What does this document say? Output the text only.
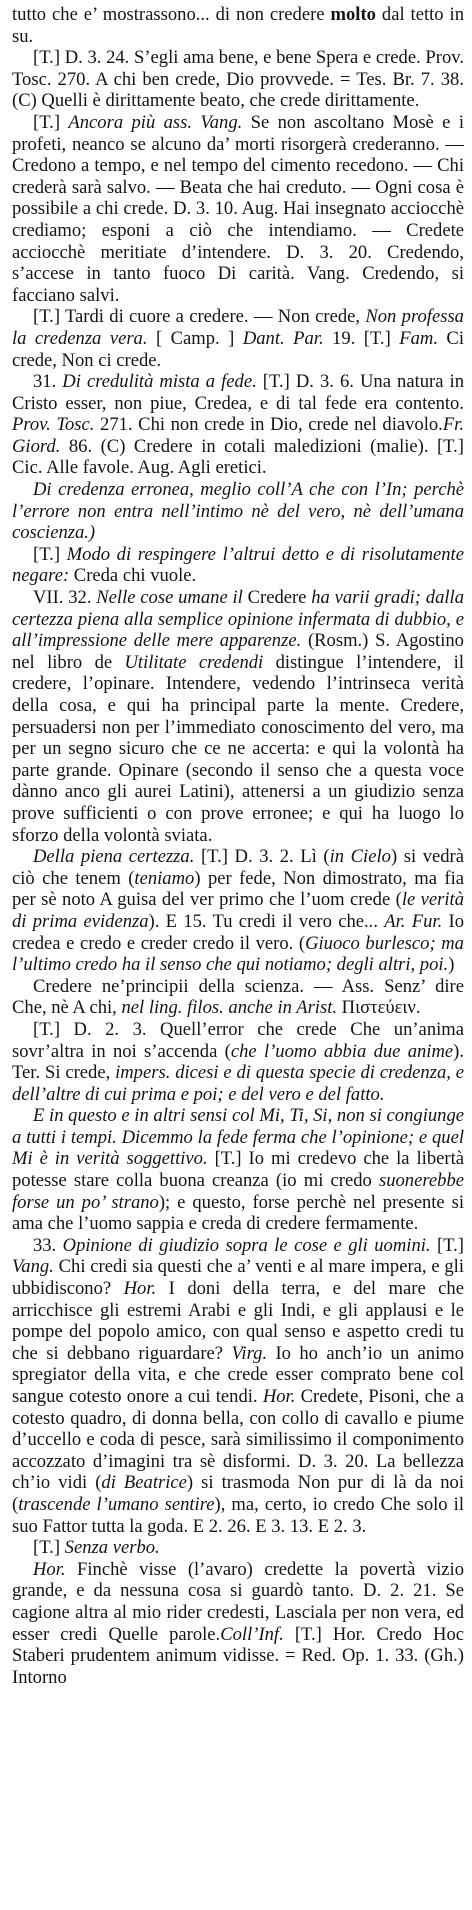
tutto che e’ mostrassono... di non credere molto dal tetto in su.

[T.] D. 3. 24. S’egli ama bene, e bene Spera e crede. Prov. Tosc. 270. A chi ben crede, Dio provvede. = Tes. Br. 7. 38. (C) Quelli è dirittamente beato, che crede dirittamente.

[T.] Ancora più ass. Vang. Se non ascoltano Mosè e i profeti, neanco se alcuno da’ morti risorgerà crederanno. — Credono a tempo, e nel tempo del cimento recedono. — Chi crederà sarà salvo. — Beata che hai creduto. — Ogni cosa è possibile a chi crede. D. 3. 10. Aug. Hai insegnato acciocchè crediamo; esponi a ciò che intendiamo. — Credete acciocchè meritiate d’intendere. D. 3. 20. Credendo, s’accese in tanto fuoco Di carità. Vang. Credendo, si facciano salvi.

[T.] Tardi di cuore a credere. — Non crede, Non professa la credenza vera. [ Camp. ] Dant. Par. 19. [T.] Fam. Ci crede, Non ci crede.

31. Di credulità mista a fede. [T.] D. 3. 6. Una natura in Cristo esser, non piue, Credea, e di tal fede era contento. Prov. Tosc. 271. Chi non crede in Dio, crede nel diavolo.Fr. Giord. 86. (C) Credere in cotali maledizioni (malie). [T.] Cic. Alle favole. Aug. Agli eretici.

Di credenza erronea, meglio coll’A che con l’In; perchè l’errore non entra nell’intimo nè del vero, nè dell’umana coscienza.)

[T.] Modo di respingere l’altrui detto e di risolutamente negare: Creda chi vuole.

VII. 32. Nelle cose umane il Credere ha varii gradi; dalla certezza piena alla semplice opinione infermata di dubbio, e all’impressione delle mere apparenze. (Rosm.) S. Agostino nel libro de Utilitate credendi distingue l’intendere, il credere, l’opinare. Intendere, vedendo l’intrinseca verità della cosa, e qui ha principal parte la mente. Credere, persuadersi non per l’immediato conoscimento del vero, ma per un segno sicuro che ce ne accerta: e qui la volontà ha parte grande. Opinare (secondo il senso che a questa voce dànno anco gli aurei Latini), attenersi a un giudizio senza prove sufficienti o con prove erronee; e qui ha luogo lo sforzo della volontà sviata.

Della piena certezza. [T.] D. 3. 2. Lì (in Cielo) si vedrà ciò che tenem (teniamo) per fede, Non dimostrato, ma fia per sè noto A guisa del ver primo che l’uom crede (le verità di prima evidenza). E 15. Tu credi il vero che... Ar. Fur. Io credea e credo e creder credo il vero. (Giuoco burlesco; ma l’ultimo credo ha il senso che qui notiamo; degli altri, poi.)

Credere ne’principii della scienza. — Ass. Senz’ dire Che, nè A chi, nel ling. filos. anche in Arist. Πιστεύειν.

[T.] D. 2. 3. Quell’error che crede Che un’anima sovr’altra in noi s’accenda (che l’uomo abbia due anime). Ter. Si crede, impers. dicesi e di questa specie di credenza, e dell’altre di cui prima e poi; e del vero e del fatto.

E in questo e in altri sensi col Mi, Ti, Si, non si congiunge a tutti i tempi. Dicemmo la fede ferma che l’opinione; e quel Mi è in verità soggettivo. [T.] Io mi credevo che la libertà potesse stare colla buona creanza (io mi credo suonerebbe forse un po’ strano); e questo, forse perchè nel presente si ama che l’uomo sappia e creda di credere fermamente.

33. Opinione di giudizio sopra le cose e gli uomini. [T.] Vang. Chi credi sia questi che a’ venti e al mare impera, e gli ubbidiscono? Hor. I doni della terra, e del mare che arricchisce gli estremi Arabi e gli Indi, e gli applausi e le pompe del popolo amico, con qual senso e aspetto credi tu che si debbano riguardare? Virg. Io ho anch’io un animo spregiator della vita, e che crede esser comprato bene col sangue cotesto onore a cui tendi. Hor. Credete, Pisoni, che a cotesto quadro, di donna bella, con collo di cavallo e piume d’uccello e coda di pesce, sarà similissimo il componimento accozzato d’imagini tra sè disformi. D. 3. 20. La bellezza ch’io vidi (di Beatrice) si trasmoda Non pur di là da noi (trascende l’umano sentire), ma, certo, io credo Che solo il suo Fattor tutta la goda. E 2. 26. E 3. 13. E 2. 3.

[T.] Senza verbo.

Hor. Finchè visse (l’avaro) credette la povertà vizio grande, e da nessuna cosa si guardò tanto. D. 2. 21. Se cagione altra al mio rider credesti, Lasciala per non vera, ed esser credi Quelle parole.Coll’Inf. [T.] Hor. Credo Hoc Staberi prudentem animum vidisse. = Red. Op. 1. 33. (Gh.) Intorno
